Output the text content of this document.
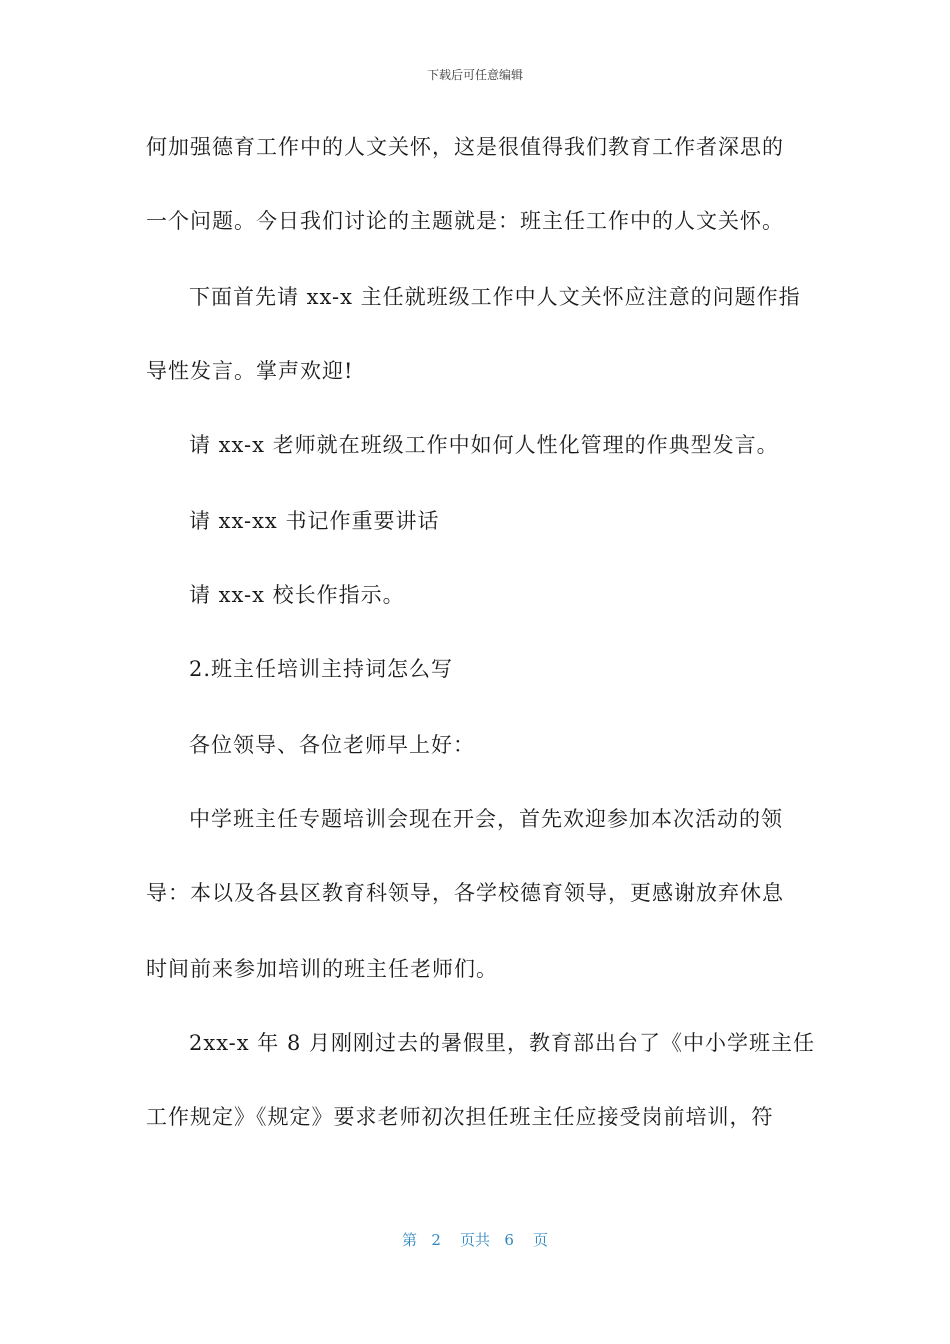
下载后可任意编辑
何加强德育工作中的人文关怀，这是很值得我们教育工作者深思的
一个问题。今日我们讨论的主题就是：班主任工作中的人文关怀。
下面首先请 xx-x 主任就班级工作中人文关怀应注意的问题作指
导性发言。掌声欢迎!
请 xx-x 老师就在班级工作中如何人性化管理的作典型发言。
请 xx-xx 书记作重要讲话
请 xx-x 校长作指示。
2.班主任培训主持词怎么写
各位领导、各位老师早上好：
中学班主任专题培训会现在开会，首先欢迎参加本次活动的领
导：本以及各县区教育科领导，各学校德育领导，更感谢放弃休息
时间前来参加培训的班主任老师们。
2xx-x 年 8 月刚刚过去的暑假里，教育部出台了《中小学班主任
工作规定》《规定》要求老师初次担任班主任应接受岗前培训，符
第 2 页共 6 页
